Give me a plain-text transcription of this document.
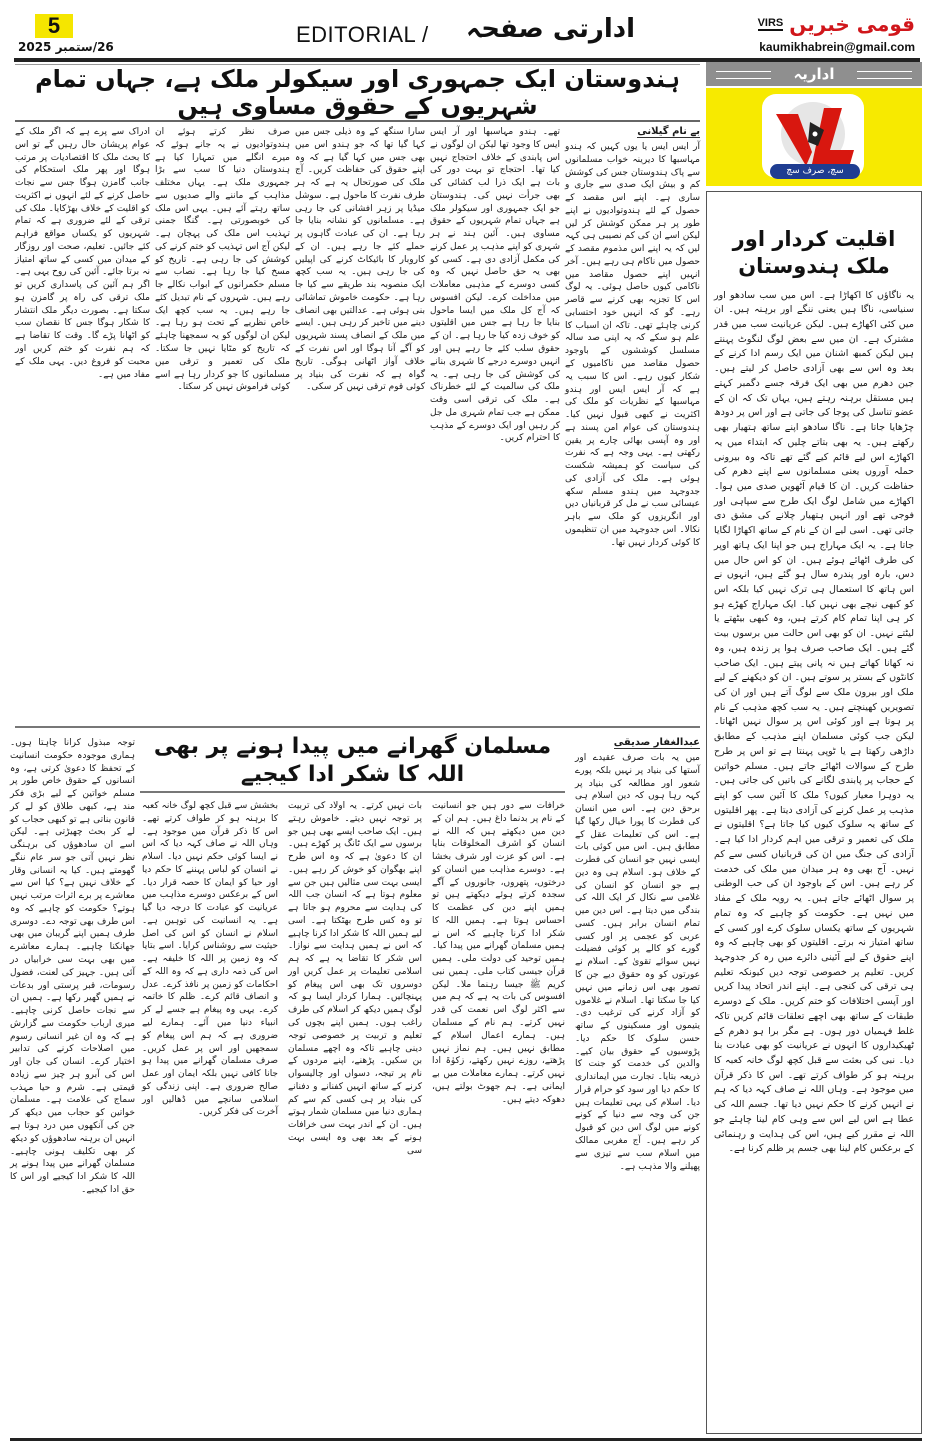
5
26/ستمبر 2025	EDITORIAL / ادارتی صفحہ	قومی خبریں
VIRS
kaumikhabrein@gmail.com
ہندوستان ایک جمہوری اور سیکولر ملک ہے، جہاں تمام شہریوں کے حقوق مساوی ہیں
بے نام گیلانی
آر ایس ایس یا یوں کہیں کہ ہندو مہاسبھا کا دیرینہ خواب مسلمانوں سے پاک ہندوستان جس کی کوشش کم و بیش ایک صدی سے جاری و ساری ہے۔ اپنے اس مقصد کے حصول کے لئے ہندوتوادیوں نے اپنے طور پر ہر ممکن کوشش کر لیں لیکن اسے ان کی کم نصیبی ہی کہہ لیں کہ یہ اپنے اس مذموم مقصد کے حصول میں ناکام ہی رہے ہیں۔ آخر انہیں اپنے حصول مقاصد میں ناکامی کیوں حاصل ہوئی۔ یہ لوگ اس کا تجزیہ بھی کرنے سے قاصر رہے۔ گو کہ انہیں خود احتسابی کرنی چاہئے تھی۔ تاکہ ان اسباب کا علم ہو سکے کہ یہ اپنی صد سالہ مسلسل کوششوں کے باوجود حصول مقاصد میں ناکامیوں کے شکار کیوں رہے۔ اس کا سبب یہ ہے کہ آر ایس ایس اور ہندو مہاسبھا کے نظریات کو ملک کی اکثریت نے کبھی قبول نہیں کیا۔ ہندوستان کی عوام امن پسند ہے اور وہ آپسی بھائی چارے پر یقین رکھتی ہے۔ یہی وجہ ہے کہ نفرت کی سیاست کو ہمیشہ شکست ہوئی ہے۔ ملک کی آزادی کی جدوجہد میں ہندو مسلم سکھ عیسائی سب نے مل کر قربانیاں دیں اور انگریزوں کو ملک سے باہر نکالا۔ اس جدوجہد میں ان تنظیموں کا کوئی کردار نہیں تھا۔
تھے۔ ہندو مہاسبھا اور آر ایس ایس کا وجود تھا لیکن ان لوگوں نے اس پابندی کے خلاف احتجاج نہیں کیا تھا۔ احتجاج تو بہت دور کی بات ہے ایک ذرا لب کشائی کی بھی جرأت نہیں کی۔ ہندوستان جو ایک جمہوری اور سیکولر ملک ہے جہاں تمام شہریوں کے حقوق مساوی ہیں۔ آئین ہند نے ہر شہری کو اپنے مذہب پر عمل کرنے کی مکمل آزادی دی ہے۔ کسی کو بھی یہ حق حاصل نہیں کہ وہ کسی دوسرے کے مذہبی معاملات میں مداخلت کرے۔ لیکن افسوس کہ آج کل ملک میں ایسا ماحول بنایا جا رہا ہے جس میں اقلیتوں کو خوف زدہ کیا جا رہا ہے۔ ان کے حقوق سلب کئے جا رہے ہیں اور انہیں دوسرے درجے کا شہری بنانے کی کوشش کی جا رہی ہے۔ یہ ملک کی سالمیت کے لئے خطرناک ہے۔ ملک کی ترقی اسی وقت ممکن ہے جب تمام شہری مل جل کر رہیں اور ایک دوسرے کے مذہب کا احترام کریں۔
سارا سنگھ کے وہ ذیلی جس میں کہا گیا تھا کہ جو ہندو اس میں بھی جس میں کہا گیا ہے کہ وہ اپنے حقوق کی حفاظت کریں۔ آج ملک کی صورتحال یہ ہے کہ ہر طرف نفرت کا ماحول ہے۔ سوشل میڈیا پر زہر افشانی کی جا رہی ہے۔ مسلمانوں کو نشانہ بنایا جا رہا ہے۔ ان کی عبادت گاہوں پر حملے کئے جا رہے ہیں۔ ان کے کاروبار کا بائیکاٹ کرنے کی اپیلیں کی جا رہی ہیں۔ یہ سب کچھ ایک منصوبہ بند طریقے سے کیا جا رہا ہے۔ حکومت خاموش تماشائی بنی ہوئی ہے۔ عدالتیں بھی انصاف دینے میں تاخیر کر رہی ہیں۔ ایسے میں ملک کے انصاف پسند شہریوں کو آگے آنا ہوگا اور اس نفرت کے خلاف آواز اٹھانی ہوگی۔ تاریخ گواہ ہے کہ نفرت کی بنیاد پر کوئی قوم ترقی نہیں کر سکی۔
صرف نظر کرتے ہوئے ان ہندوتوادیوں نے یہ جانے ہوئے کہ میرے انگلے میں تمہارا کیا ہے ہندوستان دنیا کا سب سے بڑا جمہوری ملک ہے۔ یہاں مختلف مذاہب کے ماننے والے صدیوں سے ساتھ رہتے آئے ہیں۔ یہی اس ملک کی خوبصورتی ہے۔ گنگا جمنی تہذیب اس ملک کی پہچان ہے۔ لیکن آج اس تہذیب کو ختم کرنے کی کوشش کی جا رہی ہے۔ تاریخ کو مسخ کیا جا رہا ہے۔ نصاب سے مسلم حکمرانوں کے ابواب نکالے جا رہے ہیں۔ شہروں کے نام تبدیل کئے جا رہے ہیں۔ یہ سب کچھ ایک خاص نظریے کے تحت ہو رہا ہے۔ لیکن ان لوگوں کو یہ سمجھنا چاہئے کہ تاریخ کو مٹایا نہیں جا سکتا۔ ملک کی تعمیر و ترقی میں مسلمانوں کا جو کردار رہا ہے اسے کوئی فراموش نہیں کر سکتا۔
ادراک سے پرے ہے کہ اگر ملک کے عوام پریشان حال رہیں گے تو اس کا بحث ملک کا اقتصادیات پر مرتب ہوگا اور پھر ملک استحکام کی جانب گامزن ہوگا جس سے نجات حاصل کرنے کے لئے انہوں نے اکثریت کو اقلیت کے خلاف بھڑکایا۔ ملک کی ترقی کے لئے ضروری ہے کہ تمام شہریوں کو یکساں مواقع فراہم کئے جائیں۔ تعلیم، صحت اور روزگار کے میدان میں کسی کے ساتھ امتیاز نہ برتا جائے۔ آئین کی روح یہی ہے۔ اگر ہم آئین کی پاسداری کریں تو ملک ترقی کی راہ پر گامزن ہو سکتا ہے۔ بصورت دیگر ملک انتشار کا شکار ہوگا جس کا نقصان سب کو اٹھانا پڑے گا۔ وقت کا تقاضا ہے کہ ہم نفرت کو ختم کریں اور محبت کو فروغ دیں۔ یہی ملک کے مفاد میں ہے۔
اداریہ
سچ، صرف سچ
اقلیت کردار اور ملک ہندوستان
یہ ناگاؤں کا اکھاڑا ہے۔ اس میں سب سادھو اور سنیاسی، ناگا ہیں یعنی ننگے اور برہنہ ہیں۔ ان میں کئی اکھاڑے ہیں۔ لیکن عریانیت سب میں قدر مشترک ہے۔ ان میں سے بعض لوگ لنگوٹ پہنتے ہیں لیکن کمبھ اشنان میں ایک رسم ادا کرنے کے بعد وہ اس سے بھی آزادی حاصل کر لیتے ہیں۔ جین دھرم میں بھی ایک فرقہ جسے دگمبر کہتے ہیں مستقل برہنہ رہتے ہیں، یہاں تک کہ ان کے عضو تناسل کی پوجا کی جاتی ہے اور اس پر دودھ چڑھایا جاتا ہے۔ ناگا سادھو اپنے ساتھ ہتھیار بھی رکھتے ہیں۔ یہ بھی بتاتے چلیں کہ ابتداء میں یہ اکھاڑے اس لیے قائم کیے گئے تھے تاکہ وہ بیرونی حملہ آوروں یعنی مسلمانوں سے اپنے دھرم کی حفاظت کریں۔ ان کا قیام آٹھویں صدی میں ہوا۔ اکھاڑے میں شامل لوگ ایک طرح سے سپاہی اور فوجی تھے اور انہیں ہتھیار چلانے کی مشق دی جاتی تھی۔ اسی لیے ان کے نام کے ساتھ اکھاڑا لگایا جاتا ہے۔ یہ ایک مہاراج ہیں جو اپنا ایک ہاتھ اوپر کی طرف اٹھائے ہوئے ہیں۔ ان کو اس حال میں دس، بارہ اور پندرہ سال ہو گئے ہیں، انہوں نے اس ہاتھ کا استعمال ہی ترک نہیں کیا بلکہ اس کو کبھی نیچے بھی نہیں کیا۔ ایک مہاراج کھڑے ہو کر ہی اپنا تمام کام کرتے ہیں، وہ کبھی بیٹھتے یا لیٹتے نہیں۔ ان کو بھی اس حالت میں برسوں بیت گئے ہیں۔ ایک صاحب صرف ہوا پر زندہ ہیں، وہ نہ کھانا کھاتے ہیں نہ پانی پیتے ہیں۔ ایک صاحب کانٹوں کے بستر پر سوتے ہیں۔ ان کو دیکھنے کے لیے ملک اور بیرون ملک سے لوگ آتے ہیں اور ان کی تصویریں کھینچتے ہیں۔ یہ سب کچھ مذہب کے نام پر ہوتا ہے اور کوئی اس پر سوال نہیں اٹھاتا۔ لیکن جب کوئی مسلمان اپنے مذہب کے مطابق داڑھی رکھتا ہے یا ٹوپی پہنتا ہے تو اس پر طرح طرح کے سوالات اٹھائے جاتے ہیں۔ مسلم خواتین کے حجاب پر پابندی لگانے کی باتیں کی جاتی ہیں۔ یہ دوہرا معیار کیوں؟ ملک کا آئین سب کو اپنے مذہب پر عمل کرنے کی آزادی دیتا ہے۔ پھر اقلیتوں کے ساتھ یہ سلوک کیوں کیا جاتا ہے؟ اقلیتوں نے ملک کی تعمیر و ترقی میں اہم کردار ادا کیا ہے۔ آزادی کی جنگ میں ان کی قربانیاں کسی سے کم نہیں۔ آج بھی وہ ہر میدان میں ملک کی خدمت کر رہے ہیں۔ اس کے باوجود ان کی حب الوطنی پر سوال اٹھائے جاتے ہیں۔ یہ رویہ ملک کے مفاد میں نہیں ہے۔ حکومت کو چاہیے کہ وہ تمام شہریوں کے ساتھ یکساں سلوک کرے اور کسی کے ساتھ امتیاز نہ برتے۔ اقلیتوں کو بھی چاہیے کہ وہ اپنے حقوق کے لیے آئینی دائرے میں رہ کر جدوجہد کریں۔ تعلیم پر خصوصی توجہ دیں کیونکہ تعلیم ہی ترقی کی کنجی ہے۔ اپنے اندر اتحاد پیدا کریں اور آپسی اختلافات کو ختم کریں۔ ملک کے دوسرے طبقات کے ساتھ بھی اچھے تعلقات قائم کریں تاکہ غلط فہمیاں دور ہوں۔ ہے مگر برا ہو دھرم کے ٹھیکیداروں کا انہوں نے عریانیت کو بھی عبادت بنا دیا۔ نبی کی بعثت سے قبل کچھ لوگ خانہ کعبہ کا برہنہ ہو کر طواف کرتے تھے۔ اس کا ذکر قرآن میں موجود ہے۔ وہاں اللہ نے صاف کہہ دیا کہ ہم نے انہیں کرنے کا حکم نہیں دیا تھا۔ جسم اللہ کی عطا ہے اس لیے اس سے وہی کام لینا چاہئے جو اللہ نے مقرر کیے ہیں، اس کی ہدایت و رہنمائی کے برعکس کام لینا بھی جسم پر ظلم کرنا ہے۔
مسلمان گھرانے میں پیدا ہونے پر بھی اللہ کا شکر ادا کیجیے
عبدالغفار صدیقی
میں یہ بات صرف عقیدے اور آستھا کی بنیاد پر نہیں بلکہ پورے شعور اور مطالعہ کی بنیاد پر کہہ رہا ہوں کہ دین اسلام ہی برحق دین ہے۔ اس میں انسان کی فطرت کا پورا خیال رکھا گیا ہے۔ اس کی تعلیمات عقل کے مطابق ہیں۔ اس میں کوئی بات ایسی نہیں جو انسان کی فطرت کے خلاف ہو۔ اسلام ہی وہ دین ہے جو انسان کو انسان کی غلامی سے نکال کر ایک اللہ کی بندگی میں دیتا ہے۔ اس دین میں تمام انسان برابر ہیں۔ کسی عربی کو عجمی پر اور کسی گورے کو کالے پر کوئی فضیلت نہیں سوائے تقویٰ کے۔ اسلام نے عورتوں کو وہ حقوق دیے جن کا تصور بھی اس زمانے میں نہیں کیا جا سکتا تھا۔ اسلام نے غلاموں کو آزاد کرنے کی ترغیب دی۔ یتیموں اور مسکینوں کے ساتھ حسن سلوک کا حکم دیا۔ پڑوسیوں کے حقوق بیان کیے۔ والدین کی خدمت کو جنت کا ذریعہ بتایا۔ تجارت میں ایمانداری کا حکم دیا اور سود کو حرام قرار دیا۔ اسلام کی یہی تعلیمات ہیں جن کی وجہ سے دنیا کے کونے کونے میں لوگ اس دین کو قبول کر رہے ہیں۔ آج مغربی ممالک میں اسلام سب سے تیزی سے پھیلنے والا مذہب ہے۔
خرافات سے دور ہیں جو انسانیت کے نام پر بدنما داغ ہیں۔ ہم ان کے دین میں دیکھتے ہیں کہ اللہ نے انسان کو اشرف المخلوقات بنایا ہے۔ اس کو عزت اور شرف بخشا ہے۔ دوسرے مذاہب میں انسان کو درختوں، پتھروں، جانوروں کے آگے سجدہ کرتے ہوئے دیکھتے ہیں تو ہمیں اپنے دین کی عظمت کا احساس ہوتا ہے۔ ہمیں اللہ کا شکر ادا کرنا چاہیے کہ اس نے ہمیں مسلمان گھرانے میں پیدا کیا۔ ہمیں توحید کی دولت ملی۔ ہمیں قرآن جیسی کتاب ملی۔ ہمیں نبی کریم ﷺ جیسا رہنما ملا۔ لیکن افسوس کی بات یہ ہے کہ ہم میں سے اکثر لوگ اس نعمت کی قدر نہیں کرتے۔ ہم نام کے مسلمان ہیں۔ ہمارے اعمال اسلام کے مطابق نہیں ہیں۔ ہم نماز نہیں پڑھتے، روزے نہیں رکھتے، زکوٰۃ ادا نہیں کرتے۔ ہمارے معاملات میں بے ایمانی ہے۔ ہم جھوٹ بولتے ہیں، دھوکہ دیتے ہیں۔
بات نہیں کرتے۔ یہ اولاد کی تربیت پر توجہ نہیں دیتے۔ خاموش رہتے ہیں۔ ایک صاحب ایسے بھی ہیں جو برسوں سے ایک ٹانگ پر کھڑے ہیں۔ ان کا دعویٰ ہے کہ وہ اس طرح اپنے بھگوان کو خوش کر رہے ہیں۔ ایسی بہت سی مثالیں ہیں جن سے معلوم ہوتا ہے کہ انسان جب اللہ کی ہدایت سے محروم ہو جاتا ہے تو وہ کس طرح بھٹکتا ہے۔ اسی لیے ہمیں اللہ کا شکر ادا کرنا چاہیے کہ اس نے ہمیں ہدایت سے نوازا۔ اس شکر کا تقاضا یہ ہے کہ ہم اسلامی تعلیمات پر عمل کریں اور دوسروں تک بھی اس پیغام کو پہنچائیں۔ ہمارا کردار ایسا ہو کہ لوگ ہمیں دیکھ کر اسلام کی طرف راغب ہوں۔ ہمیں اپنے بچوں کی تعلیم و تربیت پر خصوصی توجہ دینی چاہیے تاکہ وہ اچھے مسلمان بن سکیں۔ پڑھنے، اپنے مردوں کے نام پر تیجہ، دسواں اور چالیسواں کرنے کے ساتھ انہیں کفنانے و دفنانے کی بنیاد پر ہی کسی کم سے کم ہماری دنیا میں مسلمان شمار ہوتے ہیں۔ ان کے اندر بہت سی خرافات ہونے کے بعد بھی وہ ایسی بہت سی
بخشش سے قبل کچھ لوگ خانہ کعبہ کا برہنہ ہو کر طواف کرتے تھے۔ اس کا ذکر قرآن میں موجود ہے۔ وہاں اللہ نے صاف کہہ دیا کہ اس نے ایسا کوئی حکم نہیں دیا۔ اسلام نے انسان کو لباس پہننے کا حکم دیا اور حیا کو ایمان کا حصہ قرار دیا۔ اس کے برعکس دوسرے مذاہب میں عریانیت کو عبادت کا درجہ دیا گیا ہے۔ یہ انسانیت کی توہین ہے۔ اسلام نے انسان کو اس کی اصل حیثیت سے روشناس کرایا۔ اسے بتایا کہ وہ زمین پر اللہ کا خلیفہ ہے۔ اس کی ذمہ داری ہے کہ وہ اللہ کے احکامات کو زمین پر نافذ کرے۔ عدل و انصاف قائم کرے۔ ظلم کا خاتمہ کرے۔ یہی وہ پیغام ہے جسے لے کر انبیاء دنیا میں آئے۔ ہمارے لیے ضروری ہے کہ ہم اس پیغام کو سمجھیں اور اس پر عمل کریں۔ صرف مسلمان گھرانے میں پیدا ہو جانا کافی نہیں بلکہ ایمان اور عمل صالح ضروری ہے۔ اپنی زندگی کو اسلامی سانچے میں ڈھالیں اور آخرت کی فکر کریں۔
توجہ مبذول کرانا چاہتا ہوں۔ ہماری موجودہ حکومت انسانیت کے تحفظ کا دعویٰ کرتی ہے، وہ انسانوں کے حقوق خاص طور پر مسلم خواتین کے لیے بڑی فکر مند ہے، کبھی طلاق کو لے کر قانون بناتی ہے تو کبھی حجاب کو لے کر بحث چھیڑتی ہے۔ لیکن اسے ان سادھوؤں کی برہنگی نظر نہیں آتی جو سر عام ننگے گھومتے ہیں۔ کیا یہ انسانی وقار کے خلاف نہیں ہے؟ کیا اس سے معاشرے پر برے اثرات مرتب نہیں ہوتے؟ حکومت کو چاہیے کہ وہ اس طرف بھی توجہ دے۔ دوسری طرف ہمیں اپنے گریبان میں بھی جھانکنا چاہیے۔ ہمارے معاشرے میں بھی بہت سی خرابیاں در آئی ہیں۔ جہیز کی لعنت، فضول رسومات، قبر پرستی اور بدعات نے ہمیں گھیر رکھا ہے۔ ہمیں ان سے نجات حاصل کرنی چاہیے۔ میری ارباب حکومت سے گزارش ہے کہ وہ ان غیر انسانی رسوم میں اصلاحات کرنے کی تدابیر اختیار کرے۔ انسان کی جان اور اس کی آبرو ہر چیز سے زیادہ قیمتی ہے۔ شرم و حیا مہذب سماج کی علامت ہے۔ مسلمان خواتین کو حجاب میں دیکھ کر جن کی آنکھوں میں درد ہوتا ہے انہیں ان برہنہ سادھوؤں کو دیکھ کر بھی تکلیف ہونی چاہیے۔ مسلمان گھرانے میں پیدا ہونے پر اللہ کا شکر ادا کیجیے اور اس کا حق ادا کیجیے۔
